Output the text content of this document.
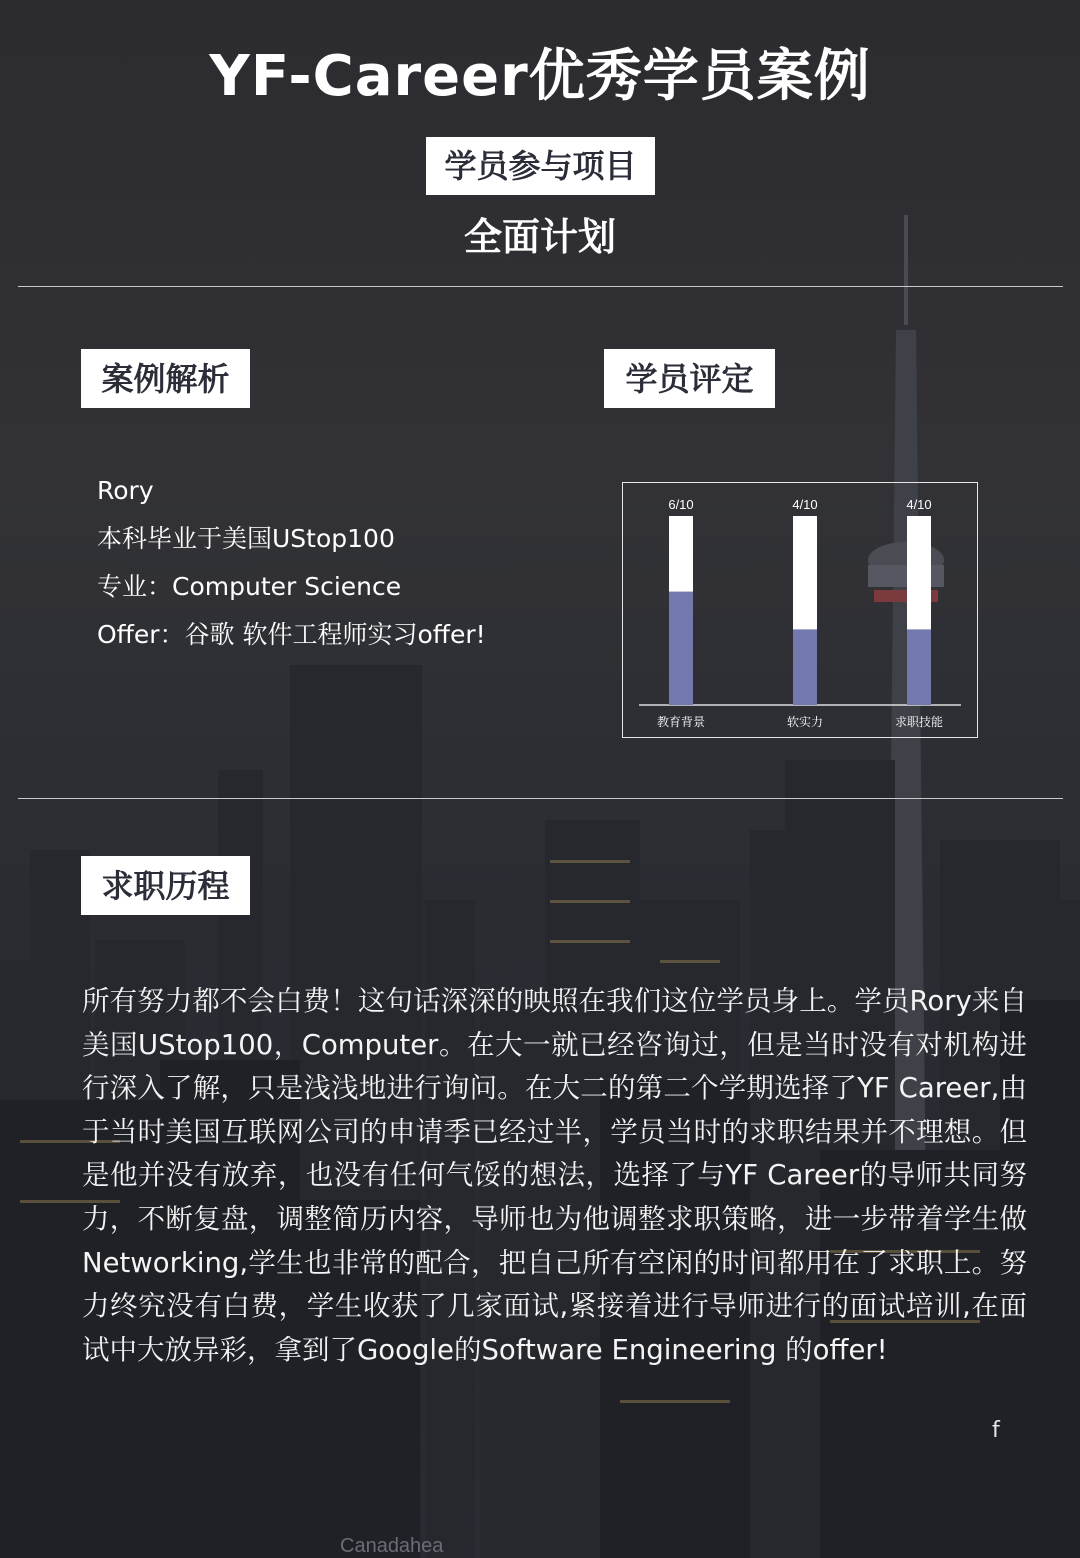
Canadahea
YF-Career优秀学员案例
学员参与项目
全面计划
案例解析	学员评定
Rory
本科毕业于美国UStop100
专业：Computer Science
Offer：谷歌 软件工程师实习offer!
6/10
教育背景
4/10
软实力
4/10
求职技能
求职历程
所有努力都不会白费！这句话深深的映照在我们这位学员身上。学员Rory来自美国UStop100，Computer。在大一就已经咨询过，但是当时没有对机构进行深入了解，只是浅浅地进行询问。在大二的第二个学期选择了YF Career,由于当时美国互联网公司的申请季已经过半，学员当时的求职结果并不理想。但是他并没有放弃，也没有任何气馁的想法，选择了与YF Career的导师共同努力，不断复盘，调整简历内容，导师也为他调整求职策略，进一步带着学生做Networking,学生也非常的配合，把自己所有空闲的时间都用在了求职上。努力终究没有白费，学生收获了几家面试,紧接着进行导师进行的面试培训,在面试中大放异彩，拿到了Google的Software Engineering 的offer!
f
